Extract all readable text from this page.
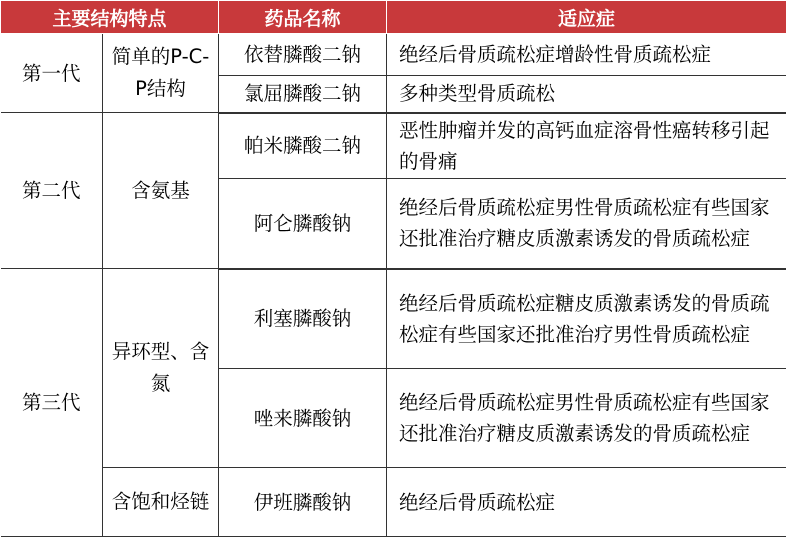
主要结构特点		药品名称	适应症
第一代	简单的P-C-P结构	依替膦酸二钠	绝经后骨质疏松症增龄性骨质疏松症
		氯屈膦酸二钠	多种类型骨质疏松
第二代	含氨基	帕米膦酸二钠	恶性肿瘤并发的高钙血症溶骨性癌转移引起的骨痛
		阿仑膦酸钠	绝经后骨质疏松症男性骨质疏松症有些国家还批准治疗糖皮质激素诱发的骨质疏松症
第三代	异环型、含氮	利塞膦酸钠	绝经后骨质疏松症糖皮质激素诱发的骨质疏松症有些国家还批准治疗男性骨质疏松症
		唑来膦酸钠	绝经后骨质疏松症男性骨质疏松症有些国家还批准治疗糖皮质激素诱发的骨质疏松症
	含饱和烃链	伊班膦酸钠	绝经后骨质疏松症
